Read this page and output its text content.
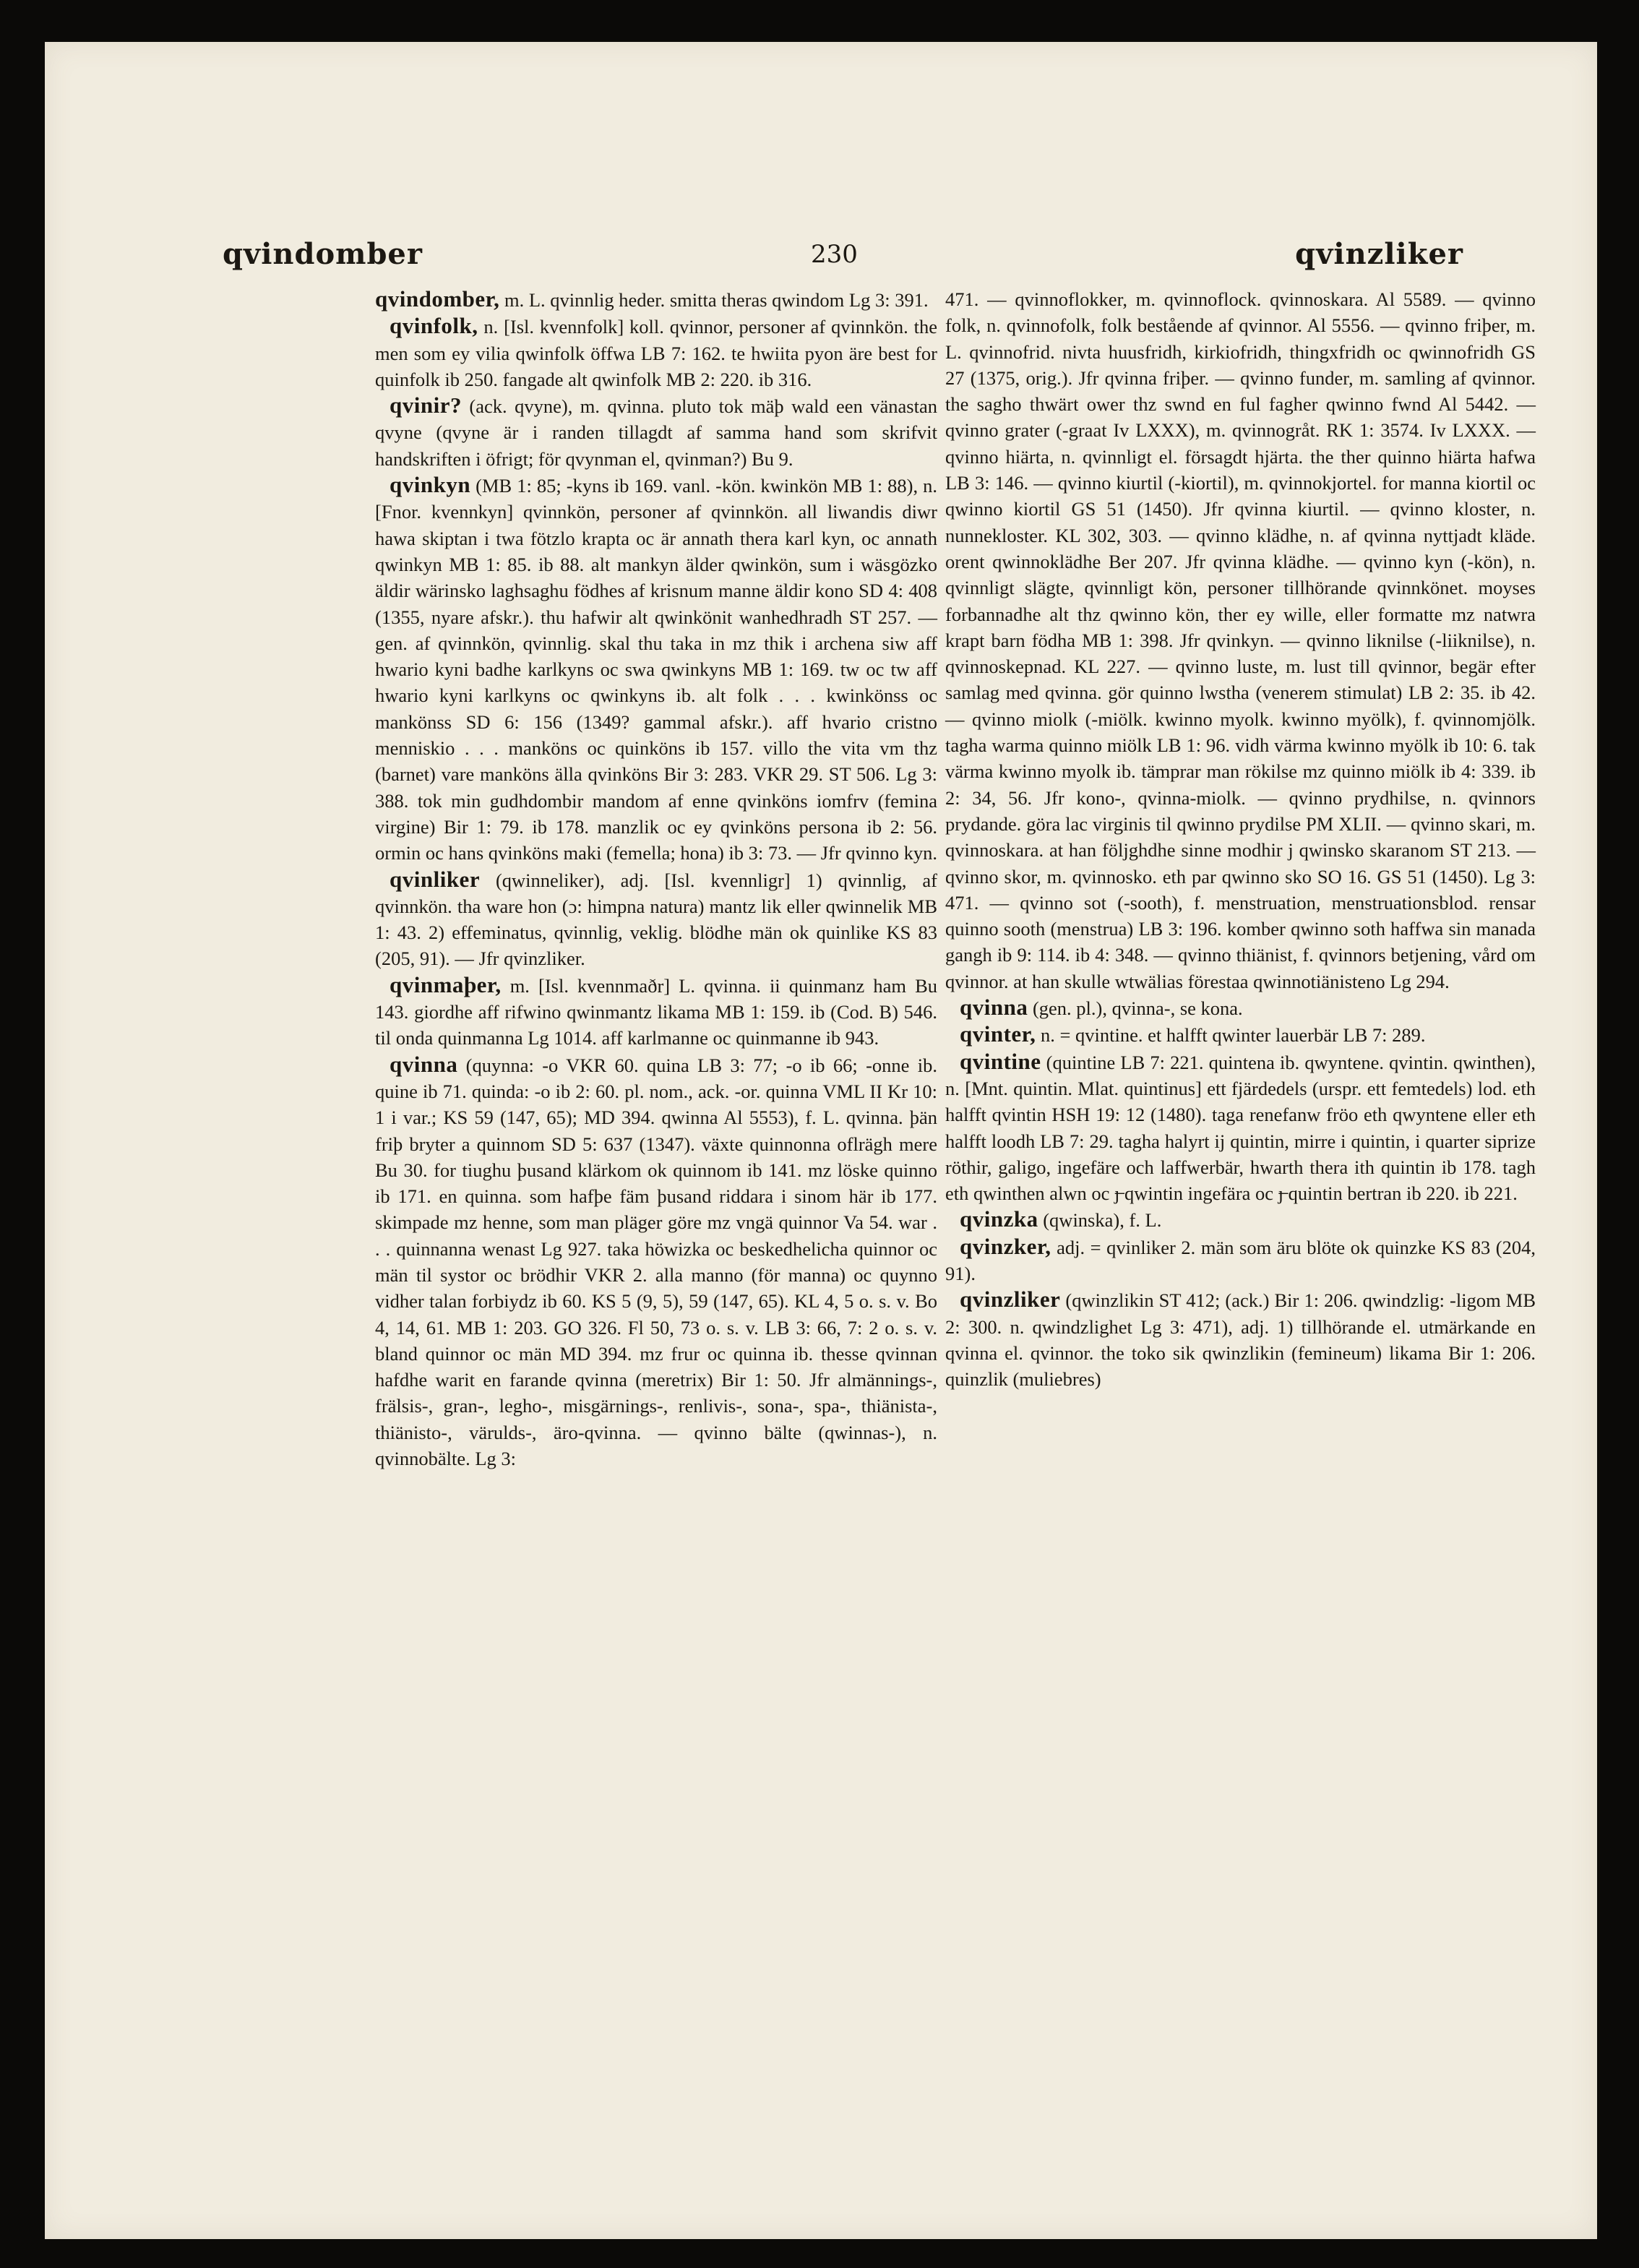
qvindomber	230	qvinzliker

qvindomber, m. L. qvinnlig heder. smitta theras qwindom Lg 3: 391.

qvinfolk, n. [Isl. kvennfolk] koll. qvinnor, personer af qvinnkön. the men som ey vilia qwinfolk öffwa LB 7: 162. te hwiita pyon äre best for quinfolk ib 250. fangade alt qwinfolk MB 2: 220. ib 316.

qvinir? (ack. qvyne), m. qvinna. pluto tok mäþ wald een vänastan qvyne (qvyne är i randen tillagdt af samma hand som skrifvit handskriften i öfrigt; för qvynman el, qvinman?) Bu 9.

qvinkyn (MB 1: 85; -kyns ib 169. vanl. -kön. kwinkön MB 1: 88), n. [Fnor. kvennkyn] qvinnkön, personer af qvinnkön. all liwandis diwr hawa skiptan i twa fötzlo krapta oc är annath thera karl kyn, oc annath qwinkyn MB 1: 85. ib 88. alt mankyn älder qwinkön, sum i wäsgözko äldir wärinsko laghsaghu födhes af krisnum manne äldir kono SD 4: 408 (1355, nyare afskr.). thu hafwir alt qwinkönit wanhedhradh ST 257. — gen. af qvinnkön, qvinnlig. skal thu taka in mz thik i archena siw aff hwario kyni badhe karlkyns oc swa qwinkyns MB 1: 169. tw oc tw aff hwario kyni karlkyns oc qwinkyns ib. alt folk . . . kwinkönss oc mankönss SD 6: 156 (1349? gammal afskr.). aff hvario cristno menniskio . . . manköns oc quinköns ib 157. villo the vita vm thz (barnet) vare manköns älla qvinköns Bir 3: 283. VKR 29. ST 506. Lg 3: 388. tok min gudhdombir mandom af enne qvinköns iomfrv (femina virgine) Bir 1: 79. ib 178. manzlik oc ey qvinköns persona ib 2: 56. ormin oc hans qvinköns maki (femella; hona) ib 3: 73. — Jfr qvinno kyn.

qvinliker (qwinneliker), adj. [Isl. kvennligr] 1) qvinnlig, af qvinnkön. tha ware hon (ɔ: himpna natura) mantz lik eller qwinnelik MB 1: 43. 2) effeminatus, qvinnlig, veklig. blödhe män ok quinlike KS 83 (205, 91). — Jfr qvinzliker.

qvinmaþer, m. [Isl. kvennmaðr] L. qvinna. ii quinmanz ham Bu 143. giordhe aff rifwino qwinmantz likama MB 1: 159. ib (Cod. B) 546. til onda quinmanna Lg 1014. aff karlmanne oc quinmanne ib 943.

qvinna (quynna: -o VKR 60. quina LB 3: 77; -o ib 66; -onne ib. quine ib 71. quinda: -o ib 2: 60. pl. nom., ack. -or. quinna VML II Kr 10: 1 i var.; KS 59 (147, 65); MD 394. qwinna Al 5553), f. L. qvinna. þän friþ bryter a quinnom SD 5: 637 (1347). växte quinnonna oflrägh mere Bu 30. for tiughu þusand klärkom ok quinnom ib 141. mz löske quinno ib 171. en quinna. som hafþe fäm þusand riddara i sinom här ib 177. skimpade mz henne, som man pläger göre mz vngä quinnor Va 54. war . . . quinnanna wenast Lg 927. taka höwizka oc beskedhelicha quinnor oc män til systor oc brödhir VKR 2. alla manno (för manna) oc quynno vidher talan forbiydz ib 60. KS 5 (9, 5), 59 (147, 65). KL 4, 5 o. s. v. Bo 4, 14, 61. MB 1: 203. GO 326. Fl 50, 73 o. s. v. LB 3: 66, 7: 2 o. s. v. bland quinnor oc män MD 394. mz frur oc quinna ib. thesse qvinnan hafdhe warit en farande qvinna (meretrix) Bir 1: 50. Jfr almännings-, frälsis-, gran-, legho-, misgärnings-, renlivis-, sona-, spa-, thiänista-, thiänisto-, värulds-, äro-qvinna. — qvinno bälte (qwinnas-), n. qvinnobälte. Lg 3:

471. — qvinnoflokker, m. qvinnoflock. qvinnoskara. Al 5589. — qvinno folk, n. qvinnofolk, folk bestående af qvinnor. Al 5556. — qvinno friþer, m. L. qvinnofrid. nivta huusfridh, kirkiofridh, thingxfridh oc qwinnofridh GS 27 (1375, orig.). Jfr qvinna friþer. — qvinno funder, m. samling af qvinnor. the sagho thwärt ower thz swnd en ful fagher qwinno fwnd Al 5442. — qvinno grater (-graat Iv LXXX), m. qvinnogråt. RK 1: 3574. Iv LXXX. — qvinno hiärta, n. qvinnligt el. försagdt hjärta. the ther quinno hiärta hafwa LB 3: 146. — qvinno kiurtil (-kiortil), m. qvinnokjortel. for manna kiortil oc qwinno kiortil GS 51 (1450). Jfr qvinna kiurtil. — qvinno kloster, n. nunnekloster. KL 302, 303. — qvinno klädhe, n. af qvinna nyttjadt kläde. orent qwinnoklädhe Ber 207. Jfr qvinna klädhe. — qvinno kyn (-kön), n. qvinnligt slägte, qvinnligt kön, personer tillhörande qvinnkönet. moyses forbannadhe alt thz qwinno kön, ther ey wille, eller formatte mz natwra krapt barn födha MB 1: 398. Jfr qvinkyn. — qvinno liknilse (-liiknilse), n. qvinnoskepnad. KL 227. — qvinno luste, m. lust till qvinnor, begär efter samlag med qvinna. gör quinno lwstha (venerem stimulat) LB 2: 35. ib 42. — qvinno miolk (-miölk. kwinno myolk. kwinno myölk), f. qvinnomjölk. tagha warma quinno miölk LB 1: 96. vidh värma kwinno myölk ib 10: 6. tak värma kwinno myolk ib. tämprar man rökilse mz quinno miölk ib 4: 339. ib 2: 34, 56. Jfr kono-, qvinna-miolk. — qvinno prydhilse, n. qvinnors prydande. göra lac virginis til qwinno prydilse PM XLII. — qvinno skari, m. qvinnoskara. at han följghdhe sinne modhir j qwinsko skaranom ST 213. — qvinno skor, m. qvinnosko. eth par qwinno sko SO 16. GS 51 (1450). Lg 3: 471. — qvinno sot (-sooth), f. menstruation, menstruationsblod. rensar quinno sooth (menstrua) LB 3: 196. komber qwinno soth haffwa sin manada gangh ib 9: 114. ib 4: 348. — qvinno thiänist, f. qvinnors betjening, vård om qvinnor. at han skulle wtwälias förestaa qwinnotiänisteno Lg 294.

qvinna (gen. pl.), qvinna-, se kona.

qvinter, n. = qvintine. et halfft qwinter lauerbär LB 7: 289.

qvintine (quintine LB 7: 221. quintena ib. qwyntene. qvintin. qwinthen), n. [Mnt. quintin. Mlat. quintinus] ett fjärdedels (urspr. ett femtedels) lod. eth halfft qvintin HSH 19: 12 (1480). taga renefanw fröo eth qwyntene eller eth halfft loodh LB 7: 29. tagha halyrt ij quintin, mirre i quintin, i quarter siprize röthir, galigo, ingefäre och laffwerbär, hwarth thera ith quintin ib 178. tagh eth qwinthen alwn oc ȷ̶ qwintin ingefära oc ȷ̶ quintin bertran ib 220. ib 221.

qvinzka (qwinska), f. L.

qvinzker, adj. = qvinliker 2. män som äru blöte ok quinzke KS 83 (204, 91).

qvinzliker (qwinzlikin ST 412; (ack.) Bir 1: 206. qwindzlig: -ligom MB 2: 300. n. qwindzlighet Lg 3: 471), adj. 1) tillhörande el. utmärkande en qvinna el. qvinnor. the toko sik qwinzlikin (femineum) likama Bir 1: 206. quinzlik (muliebres)
